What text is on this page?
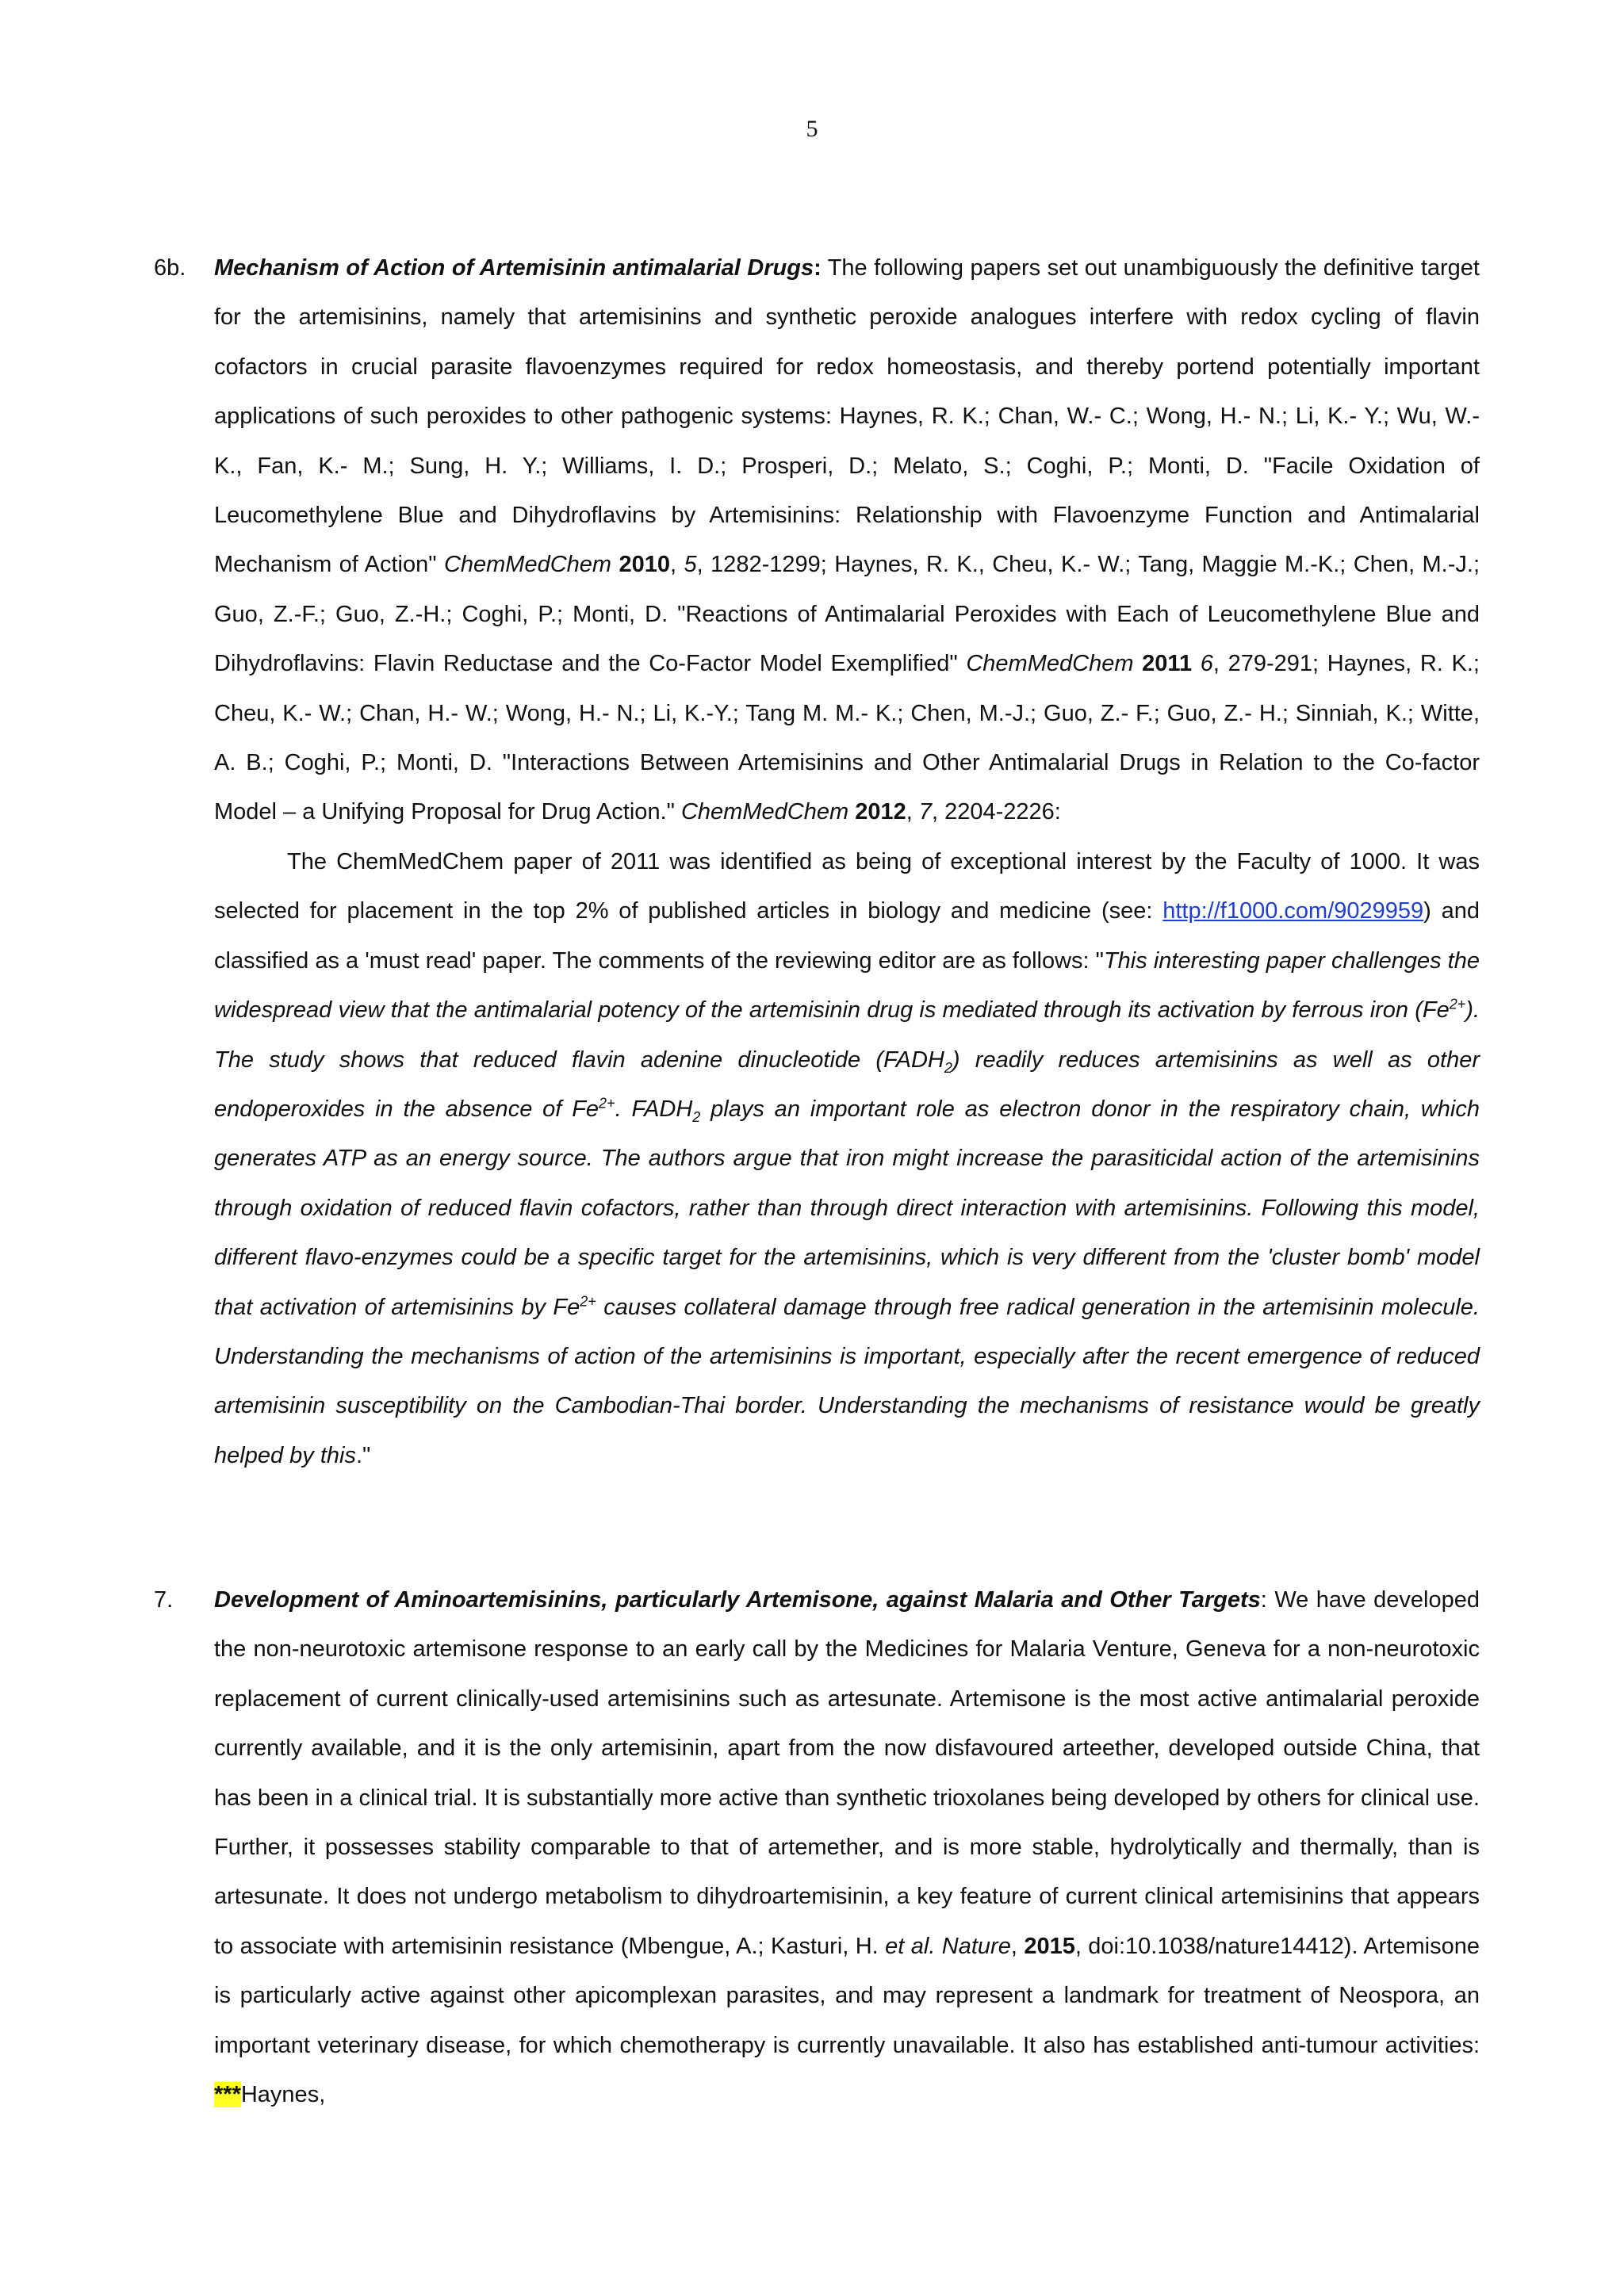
5
6b. Mechanism of Action of Artemisinin antimalarial Drugs: The following papers set out unambiguously the definitive target for the artemisinins, namely that artemisinins and synthetic peroxide analogues interfere with redox cycling of flavin cofactors in crucial parasite flavoenzymes required for redox homeostasis, and thereby portend potentially important applications of such peroxides to other pathogenic systems: Haynes, R. K.; Chan, W.- C.; Wong, H.- N.; Li, K.- Y.; Wu, W.- K., Fan, K.- M.; Sung, H. Y.; Williams, I. D.; Prosperi, D.; Melato, S.; Coghi, P.; Monti, D. "Facile Oxidation of Leucomethylene Blue and Dihydroflavins by Artemisinins: Relationship with Flavoenzyme Function and Antimalarial Mechanism of Action" ChemMedChem 2010, 5, 1282-1299; Haynes, R. K., Cheu, K.- W.; Tang, Maggie M.-K.; Chen, M.-J.; Guo, Z.-F.; Guo, Z.-H.; Coghi, P.; Monti, D. "Reactions of Antimalarial Peroxides with Each of Leucomethylene Blue and Dihydroflavins: Flavin Reductase and the Co-Factor Model Exemplified" ChemMedChem 2011 6, 279-291; Haynes, R. K.; Cheu, K.- W.; Chan, H.- W.; Wong, H.- N.; Li, K.-Y.; Tang M. M.- K.; Chen, M.-J.; Guo, Z.- F.; Guo, Z.- H.; Sinniah, K.; Witte, A. B.; Coghi, P.; Monti, D. "Interactions Between Artemisinins and Other Antimalarial Drugs in Relation to the Co-factor Model – a Unifying Proposal for Drug Action." ChemMedChem 2012, 7, 2204-2226:

The ChemMedChem paper of 2011 was identified as being of exceptional interest by the Faculty of 1000. It was selected for placement in the top 2% of published articles in biology and medicine (see: http://f1000.com/9029959) and classified as a 'must read' paper. The comments of the reviewing editor are as follows: "This interesting paper challenges the widespread view that the antimalarial potency of the artemisinin drug is mediated through its activation by ferrous iron $(Fe^{2+})$. The study shows that reduced flavin adenine dinucleotide $(FADH_2)$ readily reduces artemisinins as well as other endoperoxides in the absence of $Fe^{2+}$. $FADH_2$ plays an important role as electron donor in the respiratory chain, which generates ATP as an energy source. The authors argue that iron might increase the parasiticidal action of the artemisinins through oxidation of reduced flavin cofactors, rather than through direct interaction with artemisinins. Following this model, different flavo-enzymes could be a specific target for the artemisinins, which is very different from the 'cluster bomb' model that activation of artemisinins by $Fe^{2+}$ causes collateral damage through free radical generation in the artemisinin molecule. Understanding the mechanisms of action of the artemisinins is important, especially after the recent emergence of reduced artemisinin susceptibility on the Cambodian-Thai border. Understanding the mechanisms of resistance would be greatly helped by this."

7. Development of Aminoartemisinins, particularly Artemisone, against Malaria and Other Targets: We have developed the non-neurotoxic artemisone response to an early call by the Medicines for Malaria Venture, Geneva for a non-neurotoxic replacement of current clinically-used artemisinins such as artesunate. Artemisone is the most active antimalarial peroxide currently available, and it is the only artemisinin, apart from the now disfavoured arteether, developed outside China, that has been in a clinical trial. It is substantially more active than synthetic trioxolanes being developed by others for clinical use. Further, it possesses stability comparable to that of artemether, and is more stable, hydrolytically and thermally, than is artesunate. It does not undergo metabolism to dihydroartemisinin, a key feature of current clinical artemisinins that appears to associate with artemisinin resistance (Mbengue, A.; Kasturi, H. et al. Nature, 2015, doi:10.1038/nature14412). Artemisone is particularly active against other apicomplexan parasites, and may represent a landmark for treatment of Neospora, an important veterinary disease, for which chemotherapy is currently unavailable. It also has established anti-tumour activities: ***Haynes,
